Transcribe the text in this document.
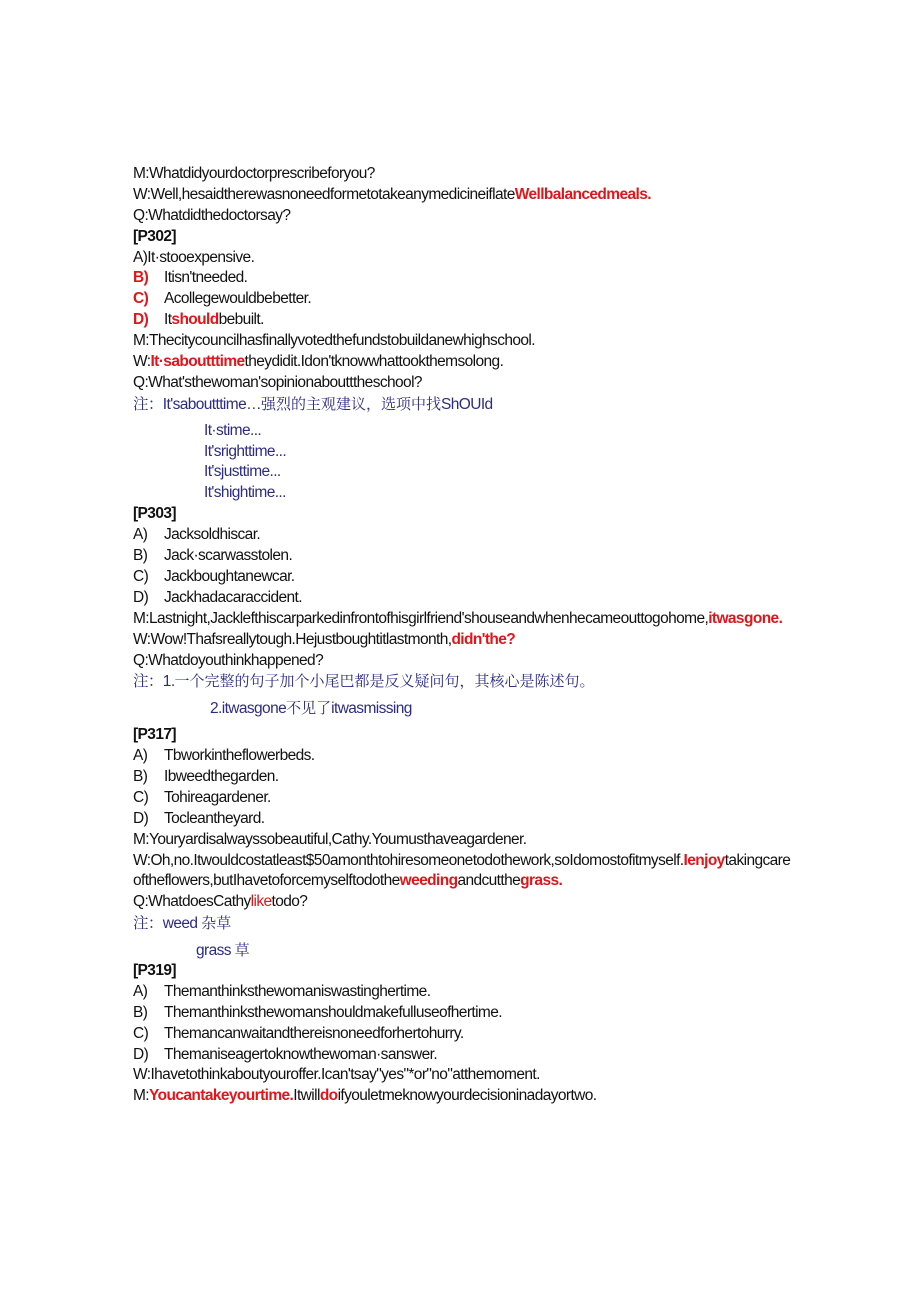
M:Whatdidyourdoctorprescribeforyou?
W:Well,hesaidtherewasnoneedformetotakeanymedicineiflateWellbalancedmeals.
Q:Whatdidthedoctorsay?
[P302]
A)It·stooexpensive.
B) Itisn'tneeded.
C) Acollegewouldbebetter.
D) Itshouldbebuilt.
M:Thecitycouncilhasfinallyvotedthefundstobuildanewhighschool.
W:It·saboutttimetheydidit.Idon'tknowwhattookthemsolong.
Q:What'sthewoman'sopinionaboutttheschool?
注：It'saboutttime…强烈的主观建议，选项中找ShOUId
It·stime...
It'srighttime...
It'sjusttime...
It'shightime...
[P303]
A) Jacksoldhiscar.
B) Jack·scarwasstolen.
C) Jackboughtanewcar.
D) Jackhadacaraccident.
M:Lastnight,Jacklefthiscarparkedinfrontofhisgirlfriend'shouseandwhenhecameouttogohome,itwasgone.
W:Wow!Thafsreallytough.Hejustboughtitlastmonth,didn'the?
Q:Whatdoyouthinkhappened?
注：1.一个完整的句子加个小尾巴都是反义疑问句，其核心是陈述句。
2.itwasgone不见了itwasmissing
[P317]
A) Tbworkintheflowerbeds.
B) Ibweedthegarden.
C) Tohireagardener.
D) Tocleantheyard.
M:Youryardisalwayssobeautiful,Cathy.Youmusthaveagardener.
W:Oh,no.Itwouldcostatleast$50amonthtohiresomeonetodothework,soIdomostofitmyself.Ienjoytakingcareoftheflowers,butIhavetoforcemyselftodotheweedingandcutthegrass.
Q:WhatdoesCathyliketodo?
注：weed 杂草
grass 草
[P319]
A) Themanthinksthewomaniswastinghertime.
B) Themanthinksthewomanshouldmakefulluseofhertime.
C) Themancanwaitandthereisnoneedforhertohurry.
D) Themaniseagertoknowthewoman·sanswer.
W:Ihavetothinkaboutyouroffer.Ican'tsay"yes"*or"no"atthemoment.
M:Youcantakeyourtime.Itwilldoifyouletmeknowyourdecisioninadayortwo.
